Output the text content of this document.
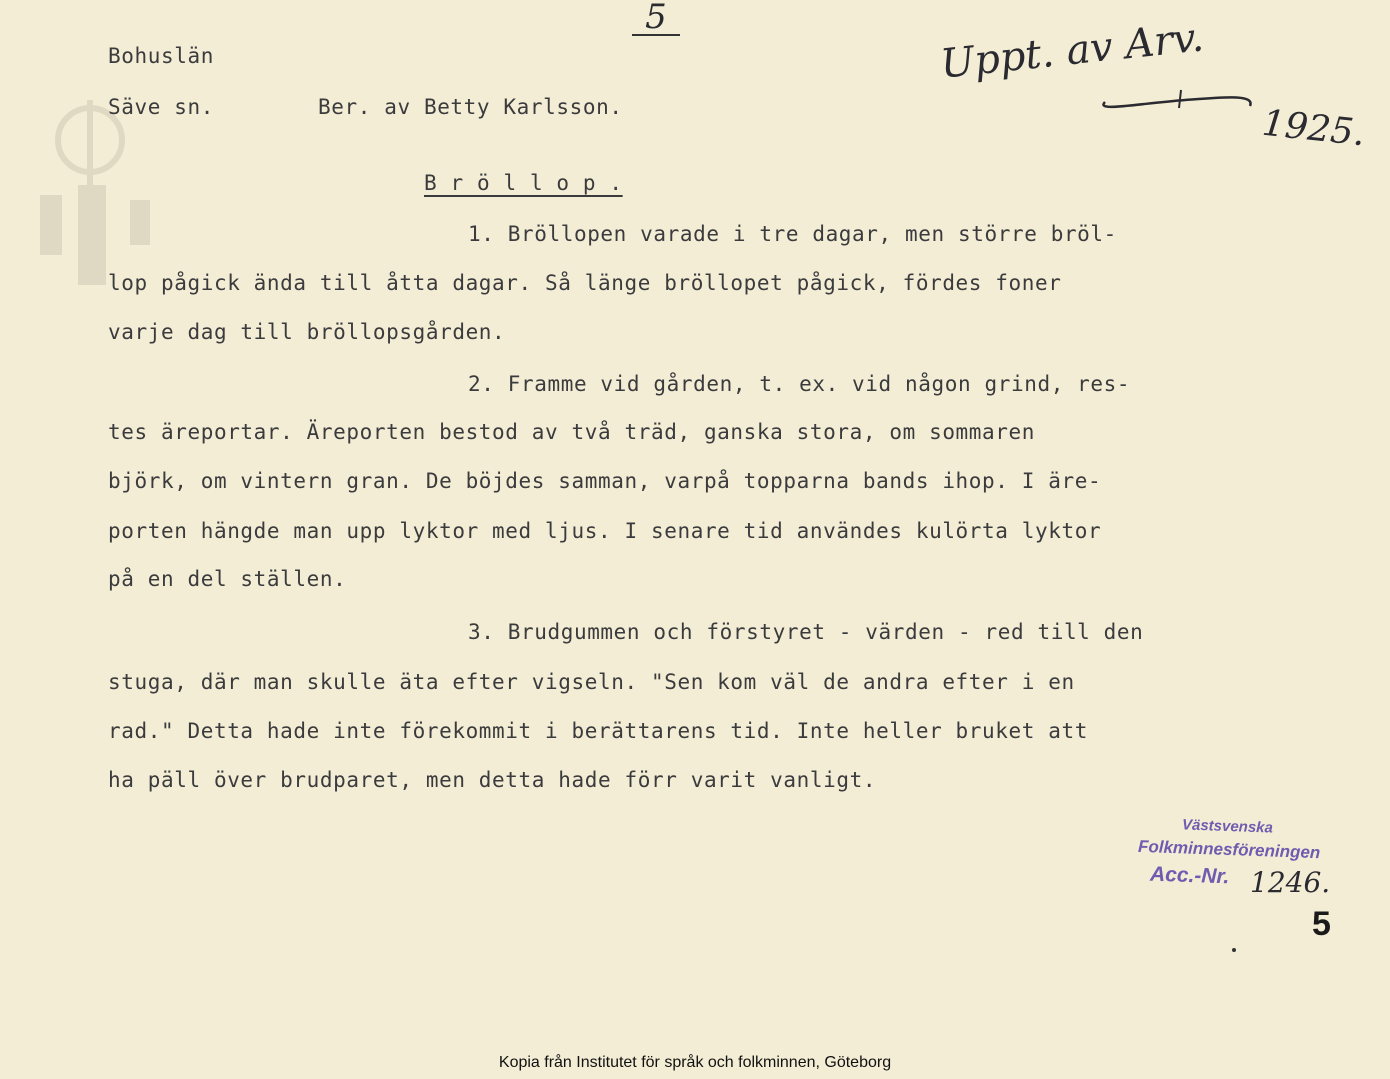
5
Bohuslän
Säve sn.	Ber. av Betty Karlsson.
Uppt. av Arv.
1925.
B r ö l l o p .
1. Bröllopen varade i tre dagar, men större bröl-
lop pågick ända till åtta dagar. Så länge bröllopet pågick, fördes foner
varje dag till bröllopsgården.
2. Framme vid gården, t. ex. vid någon grind, res-
tes äreportar. Äreporten bestod av två träd, ganska stora, om sommaren
björk, om vintern gran. De böjdes samman, varpå topparna bands ihop. I äre-
porten hängde man upp lyktor med ljus. I senare tid användes kulörta lyktor
på en del ställen.
3. Brudgummen och förstyret - värden - red till den
stuga, där man skulle äta efter vigseln. "Sen kom väl de andra efter i en
rad." Detta hade inte förekommit i berättarens tid. Inte heller bruket att
ha päll över brudparet, men detta hade förr varit vanligt.
Västsvenska
Folkminnesföreningen
Acc.-Nr. 1246.
5
Kopia från Institutet för språk och folkminnen, Göteborg
